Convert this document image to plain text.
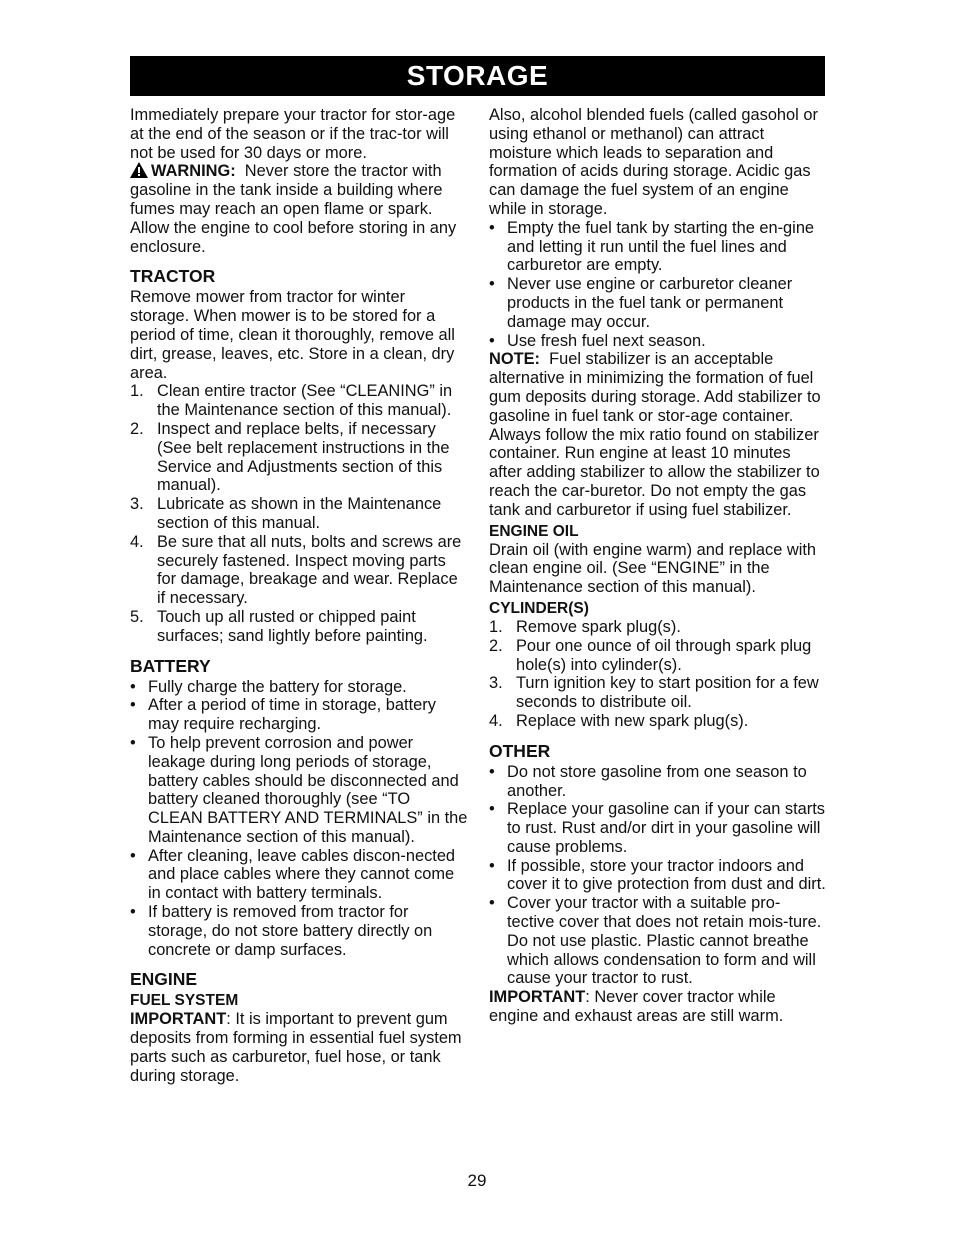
STORAGE

Immediately prepare your tractor for stor-age at the end of the season or if the trac-tor will not be used for 30 days or more.

WARNING: Never store the tractor with gasoline in the tank inside a building where fumes may reach an open flame or spark. Allow the engine to cool before storing in any enclosure.

TRACTOR

Remove mower from tractor for winter storage. When mower is to be stored for a period of time, clean it thoroughly, remove all dirt, grease, leaves, etc. Store in a clean, dry area.

1. Clean entire tractor (See “CLEANING” in the Maintenance section of this manual).
2. Inspect and replace belts, if necessary (See belt replacement instructions in the Service and Adjustments section of this manual).
3. Lubricate as shown in the Maintenance section of this manual.
4. Be sure that all nuts, bolts and screws are securely fastened. Inspect moving parts for damage, breakage and wear. Replace if necessary.
5. Touch up all rusted or chipped paint surfaces; sand lightly before painting.
BATTERY
• Fully charge the battery for storage.
• After a period of time in storage, battery may require recharging.
• To help prevent corrosion and power leakage during long periods of storage, battery cables should be disconnected and battery cleaned thoroughly (see “TO CLEAN BATTERY AND TERMINALS” in the Maintenance section of this manual).
• After cleaning, leave cables discon-nected and place cables where they cannot come in contact with battery terminals.
• If battery is removed from tractor for storage, do not store battery directly on concrete or damp surfaces.
ENGINE
FUEL SYSTEM

IMPORTANT: It is important to prevent gum deposits from forming in essential fuel system parts such as carburetor, fuel hose, or tank during storage.

Also, alcohol blended fuels (called gasohol or using ethanol or methanol) can attract moisture which leads to separation and formation of acids during storage. Acidic gas can damage the fuel system of an engine while in storage.

• Empty the fuel tank by starting the en-gine and letting it run until the fuel lines and carburetor are empty.
• Never use engine or carburetor cleaner products in the fuel tank or permanent damage may occur.
• Use fresh fuel next season.

NOTE: Fuel stabilizer is an acceptable alternative in minimizing the formation of fuel gum deposits during storage. Add stabilizer to gasoline in fuel tank or stor-age container. Always follow the mix ratio found on stabilizer container. Run engine at least 10 minutes after adding stabilizer to allow the stabilizer to reach the car-buretor. Do not empty the gas tank and carburetor if using fuel stabilizer.

ENGINE OIL

Drain oil (with engine warm) and replace with clean engine oil. (See “ENGINE” in the Maintenance section of this manual).

CYLINDER(S)
1. Remove spark plug(s).
2. Pour one ounce of oil through spark plug hole(s) into cylinder(s).
3. Turn ignition key to start position for a few seconds to distribute oil.
4. Replace with new spark plug(s).
OTHER
• Do not store gasoline from one season to another.
• Replace your gasoline can if your can starts to rust. Rust and/or dirt in your gasoline will cause problems.
• If possible, store your tractor indoors and cover it to give protection from dust and dirt.
• Cover your tractor with a suitable pro-tective cover that does not retain mois-ture. Do not use plastic. Plastic cannot breathe which allows condensation to form and will cause your tractor to rust.

IMPORTANT: Never cover tractor while engine and exhaust areas are still warm.

29
